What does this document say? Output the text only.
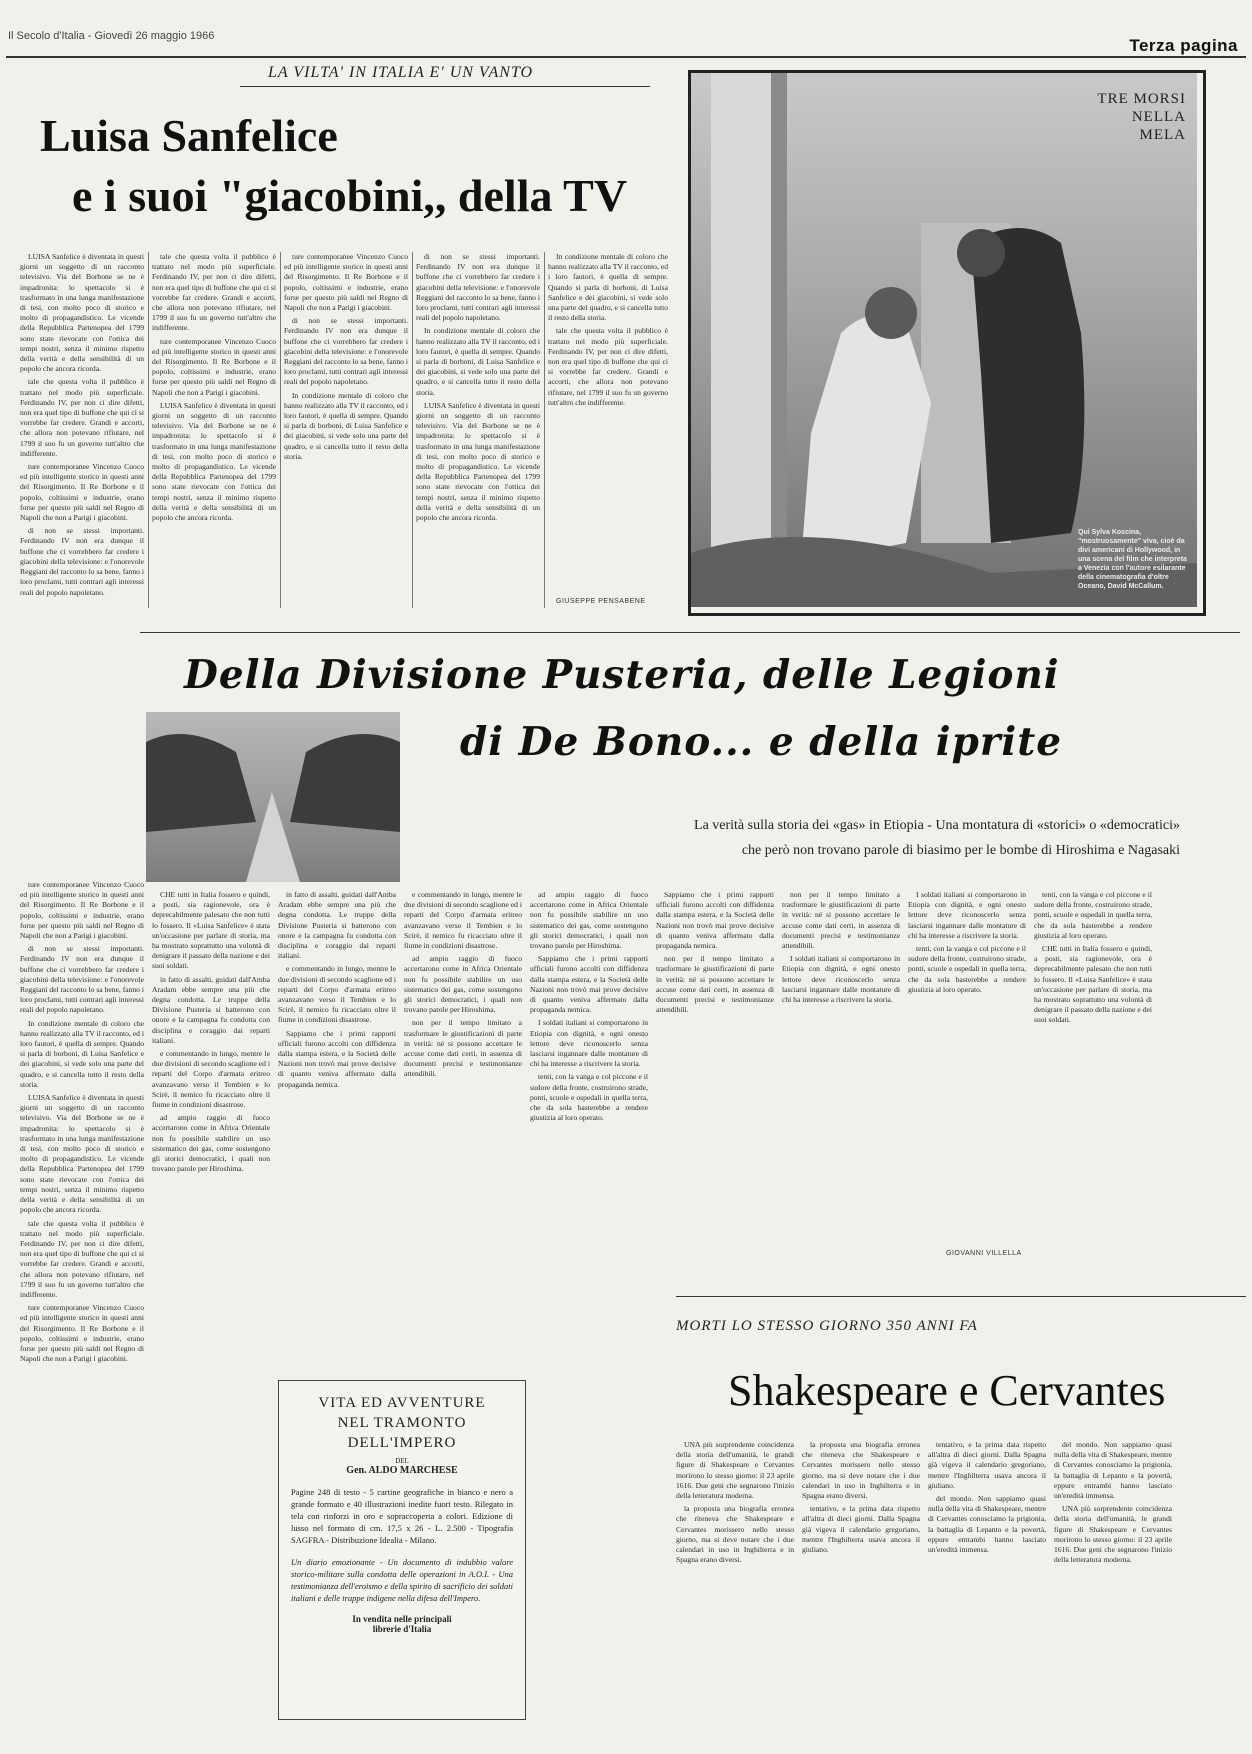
Il Secolo d'Italia - Giovedì 26 maggio 1966	Terza pagina
LA VILTA' IN ITALIA E' UN VANTO
Luisa Sanfelice
e i suoi "giacobini,, della TV

LUISA Sanfelice è diventata in questi giorni un soggetto di un racconto televisivo. Via del Borbone se ne è impadronita: lo spettacolo si è trasformato in una lunga manifestazione di tesi, con molto poco di storico e molto di propagandistico. Le vicende della Repubblica Partenopea del 1799 sono state rievocate con l'ottica dei tempi nostri, senza il minimo rispetto della verità e della sensibilità di un popolo che ancora ricorda.

tale che questa volta il pubblico è trattato nel modo più superficiale. Ferdinando IV, per non ci dire difetti, non era quel tipo di buffone che qui ci si vorrebbe far credere. Grandi e accorti, che allora non potevano rifiutare, nel 1799 il suo fu un governo tutt'altro che indifferente.

ture contemporanee Vincenzo Cuoco ed più intelligente storico in questi anni del Risorgimento. Il Re Borbone e il popolo, coltissimi e industrie, erano forse per questo più saldi nel Regno di Napoli che non a Parigi i giacobini.

di non se stessi importanti. Ferdinando IV non era dunque il buffone che ci vorrebbero far credere i giacobini della televisione: e l'onorevole Reggiani del racconto lo sa bene, fanno i loro proclami, tutti contrari agli interessi reali del popolo napoletano.

tale che questa volta il pubblico è trattato nel modo più superficiale. Ferdinando IV, per non ci dire difetti, non era quel tipo di buffone che qui ci si vorrebbe far credere. Grandi e accorti, che allora non potevano rifiutare, nel 1799 il suo fu un governo tutt'altro che indifferente.

ture contemporanee Vincenzo Cuoco ed più intelligente storico in questi anni del Risorgimento. Il Re Borbone e il popolo, coltissimi e industrie, erano forse per questo più saldi nel Regno di Napoli che non a Parigi i giacobini.

LUISA Sanfelice è diventata in questi giorni un soggetto di un racconto televisivo. Via del Borbone se ne è impadronita: lo spettacolo si è trasformato in una lunga manifestazione di tesi, con molto poco di storico e molto di propagandistico. Le vicende della Repubblica Partenopea del 1799 sono state rievocate con l'ottica dei tempi nostri, senza il minimo rispetto della verità e della sensibilità di un popolo che ancora ricorda.

ture contemporanee Vincenzo Cuoco ed più intelligente storico in questi anni del Risorgimento. Il Re Borbone e il popolo, coltissimi e industrie, erano forse per questo più saldi nel Regno di Napoli che non a Parigi i giacobini.

di non se stessi importanti. Ferdinando IV non era dunque il buffone che ci vorrebbero far credere i giacobini della televisione: e l'onorevole Reggiani del racconto lo sa bene, fanno i loro proclami, tutti contrari agli interessi reali del popolo napoletano.

In condizione mentale di coloro che hanno realizzato alla TV il racconto, ed i loro fautori, è quella di sempre. Quando si parla di borboni, di Luisa Sanfelice e dei giacobini, si vede solo una parte del quadro, e si cancella tutto il resto della storia.

di non se stessi importanti. Ferdinando IV non era dunque il buffone che ci vorrebbero far credere i giacobini della televisione: e l'onorevole Reggiani del racconto lo sa bene, fanno i loro proclami, tutti contrari agli interessi reali del popolo napoletano.

In condizione mentale di coloro che hanno realizzato alla TV il racconto, ed i loro fautori, è quella di sempre. Quando si parla di borboni, di Luisa Sanfelice e dei giacobini, si vede solo una parte del quadro, e si cancella tutto il resto della storia.

LUISA Sanfelice è diventata in questi giorni un soggetto di un racconto televisivo. Via del Borbone se ne è impadronita: lo spettacolo si è trasformato in una lunga manifestazione di tesi, con molto poco di storico e molto di propagandistico. Le vicende della Repubblica Partenopea del 1799 sono state rievocate con l'ottica dei tempi nostri, senza il minimo rispetto della verità e della sensibilità di un popolo che ancora ricorda.

In condizione mentale di coloro che hanno realizzato alla TV il racconto, ed i loro fautori, è quella di sempre. Quando si parla di borboni, di Luisa Sanfelice e dei giacobini, si vede solo una parte del quadro, e si cancella tutto il resto della storia.

tale che questa volta il pubblico è trattato nel modo più superficiale. Ferdinando IV, per non ci dire difetti, non era quel tipo di buffone che qui ci si vorrebbe far credere. Grandi e accorti, che allora non potevano rifiutare, nel 1799 il suo fu un governo tutt'altro che indifferente.

GIUSEPPE PENSABENE
TRE MORSI NELLA MELA
Qui Sylva Koscina, "mostruosamente" viva, cioè da divi americani di Hollywood, in una scena del film che interpreta a Venezia con l'autore esilarante della cinematografia d'oltre Oceano, David McCallum.
Della Divisione Pusteria, delle Legioni
di De Bono... e della iprite
La verità sulla storia dei «gas» in Etiopia - Una montatura di «storici» o «democratici»
che però non trovano parole di biasimo per le bombe di Hiroshima e Nagasaki

ture contemporanee Vincenzo Cuoco ed più intelligente storico in questi anni del Risorgimento. Il Re Borbone e il popolo, coltissimi e industrie, erano forse per questo più saldi nel Regno di Napoli che non a Parigi i giacobini.

di non se stessi importanti. Ferdinando IV non era dunque il buffone che ci vorrebbero far credere i giacobini della televisione: e l'onorevole Reggiani del racconto lo sa bene, fanno i loro proclami, tutti contrari agli interessi reali del popolo napoletano.

In condizione mentale di coloro che hanno realizzato alla TV il racconto, ed i loro fautori, è quella di sempre. Quando si parla di borboni, di Luisa Sanfelice e dei giacobini, si vede solo una parte del quadro, e si cancella tutto il resto della storia.

LUISA Sanfelice è diventata in questi giorni un soggetto di un racconto televisivo. Via del Borbone se ne è impadronita: lo spettacolo si è trasformato in una lunga manifestazione di tesi, con molto poco di storico e molto di propagandistico. Le vicende della Repubblica Partenopea del 1799 sono state rievocate con l'ottica dei tempi nostri, senza il minimo rispetto della verità e della sensibilità di un popolo che ancora ricorda.

tale che questa volta il pubblico è trattato nel modo più superficiale. Ferdinando IV, per non ci dire difetti, non era quel tipo di buffone che qui ci si vorrebbe far credere. Grandi e accorti, che allora non potevano rifiutare, nel 1799 il suo fu un governo tutt'altro che indifferente.

ture contemporanee Vincenzo Cuoco ed più intelligente storico in questi anni del Risorgimento. Il Re Borbone e il popolo, coltissimi e industrie, erano forse per questo più saldi nel Regno di Napoli che non a Parigi i giacobini.

CHE tutti in Italia fossero e quindi, a posti, sia ragionevole, ora è deprecabilmente palesato che non tutti lo fossero. Il «Luisa Sanfelice» è stata un'occasione per parlare di storia, ma ha mostrato soprattutto una volontà di denigrare il passato della nazione e dei suoi soldati.

in fatto di assalti, guidati dall'Amba Aradam ebbe sempre una più che degna condotta. Le truppe della Divisione Pusteria si batterono con onore e la campagna fu condotta con disciplina e coraggio dai reparti italiani.

e commentando in lungo, mentre le due divisioni di secondo scaglione ed i reparti del Corpo d'armata eritreo avanzavano verso il Tembien e lo Scirè, il nemico fu ricacciato oltre il fiume in condizioni disastrose.

ad ampio raggio di fuoco accertarono come in Africa Orientale non fu possibile stabilire un uso sistematico dei gas, come sostengono gli storici democratici, i quali non trovano parole per Hiroshima.

in fatto di assalti, guidati dall'Amba Aradam ebbe sempre una più che degna condotta. Le truppe della Divisione Pusteria si batterono con onore e la campagna fu condotta con disciplina e coraggio dai reparti italiani.

e commentando in lungo, mentre le due divisioni di secondo scaglione ed i reparti del Corpo d'armata eritreo avanzavano verso il Tembien e lo Scirè, il nemico fu ricacciato oltre il fiume in condizioni disastrose.

Sappiamo che i primi rapporti ufficiali furono accolti con diffidenza dalla stampa estera, e la Società delle Nazioni non trovò mai prove decisive di quanto veniva affermato dalla propaganda nemica.

e commentando in lungo, mentre le due divisioni di secondo scaglione ed i reparti del Corpo d'armata eritreo avanzavano verso il Tembien e lo Scirè, il nemico fu ricacciato oltre il fiume in condizioni disastrose.

ad ampio raggio di fuoco accertarono come in Africa Orientale non fu possibile stabilire un uso sistematico dei gas, come sostengono gli storici democratici, i quali non trovano parole per Hiroshima.

non per il tempo limitato a trasformare le giustificazioni di parte in verità: né si possono accettare le accuse come dati certi, in assenza di documenti precisi e testimonianze attendibili.

ad ampio raggio di fuoco accertarono come in Africa Orientale non fu possibile stabilire un uso sistematico dei gas, come sostengono gli storici democratici, i quali non trovano parole per Hiroshima.

Sappiamo che i primi rapporti ufficiali furono accolti con diffidenza dalla stampa estera, e la Società delle Nazioni non trovò mai prove decisive di quanto veniva affermato dalla propaganda nemica.

I soldati italiani si comportarono in Etiopia con dignità, e ogni onesto lettore deve riconoscerlo senza lasciarsi ingannare dalle montature di chi ha interesse a riscrivere la storia.

tenti, con la vanga e col piccone e il sudore della fronte, costruirono strade, ponti, scuole e ospedali in quella terra, che da sola basterebbe a rendere giustizia al loro operato.

Sappiamo che i primi rapporti ufficiali furono accolti con diffidenza dalla stampa estera, e la Società delle Nazioni non trovò mai prove decisive di quanto veniva affermato dalla propaganda nemica.

non per il tempo limitato a trasformare le giustificazioni di parte in verità: né si possono accettare le accuse come dati certi, in assenza di documenti precisi e testimonianze attendibili.

non per il tempo limitato a trasformare le giustificazioni di parte in verità: né si possono accettare le accuse come dati certi, in assenza di documenti precisi e testimonianze attendibili.

I soldati italiani si comportarono in Etiopia con dignità, e ogni onesto lettore deve riconoscerlo senza lasciarsi ingannare dalle montature di chi ha interesse a riscrivere la storia.

I soldati italiani si comportarono in Etiopia con dignità, e ogni onesto lettore deve riconoscerlo senza lasciarsi ingannare dalle montature di chi ha interesse a riscrivere la storia.

tenti, con la vanga e col piccone e il sudore della fronte, costruirono strade, ponti, scuole e ospedali in quella terra, che da sola basterebbe a rendere giustizia al loro operato.

GIOVANNI VILLELLA

tenti, con la vanga e col piccone e il sudore della fronte, costruirono strade, ponti, scuole e ospedali in quella terra, che da sola basterebbe a rendere giustizia al loro operato.

CHE tutti in Italia fossero e quindi, a posti, sia ragionevole, ora è deprecabilmente palesato che non tutti lo fossero. Il «Luisa Sanfelice» è stata un'occasione per parlare di storia, ma ha mostrato soprattutto una volontà di denigrare il passato della nazione e dei suoi soldati.

VITA ED AVVENTURE
NEL TRAMONTO
DELL'IMPERO
DEL
Gen. ALDO MARCHESE
Pagine 248 di testo - 5 cartine geografiche in bianco e nero a grande formato e 40 illustrazioni inedite fuori testo. Rilegato in tela con rinforzi in oro e sopraccoperta a colori. Edizione di lusso nel formato di cm. 17,5 x 26 - L. 2.500 - Tipografia SAGFRA - Distribuzione Idealia - Milano.
Un diario emozionante - Un documento di indubbio valore storico-militare sulla condotta delle operazioni in A.O.I. - Una testimonianza dell'eroismo e della spirito di sacrificio dei soldati italiani e delle truppe indigene nella difesa dell'Impero.
In vendita nelle principali
librerie d'Italia
MORTI LO STESSO GIORNO 350 ANNI FA
Shakespeare e Cervantes

UNA più sorprendente coincidenza della storia dell'umanità, le grandi figure di Shakespeare e Cervantes morirono lo stesso giorno: il 23 aprile 1616. Due geni che segnarono l'inizio della letteratura moderna.

la proposta una biografia erronea che riteneva che Shakespeare e Cervantes morissero nello stesso giorno, ma si deve notare che i due calendari in uso in Inghilterra e in Spagna erano diversi.

la proposta una biografia erronea che riteneva che Shakespeare e Cervantes morissero nello stesso giorno, ma si deve notare che i due calendari in uso in Inghilterra e in Spagna erano diversi.

tentativo, e la prima data rispetto all'altra di dieci giorni. Dalla Spagna già vigeva il calendario gregoriano, mentre l'Inghilterra usava ancora il giuliano.

tentativo, e la prima data rispetto all'altra di dieci giorni. Dalla Spagna già vigeva il calendario gregoriano, mentre l'Inghilterra usava ancora il giuliano.

del mondo. Non sappiamo quasi nulla della vita di Shakespeare, mentre di Cervantes conosciamo la prigionia, la battaglia di Lepanto e la povertà, eppure entrambi hanno lasciato un'eredità immensa.

del mondo. Non sappiamo quasi nulla della vita di Shakespeare, mentre di Cervantes conosciamo la prigionia, la battaglia di Lepanto e la povertà, eppure entrambi hanno lasciato un'eredità immensa.

UNA più sorprendente coincidenza della storia dell'umanità, le grandi figure di Shakespeare e Cervantes morirono lo stesso giorno: il 23 aprile 1616. Due geni che segnarono l'inizio della letteratura moderna.
